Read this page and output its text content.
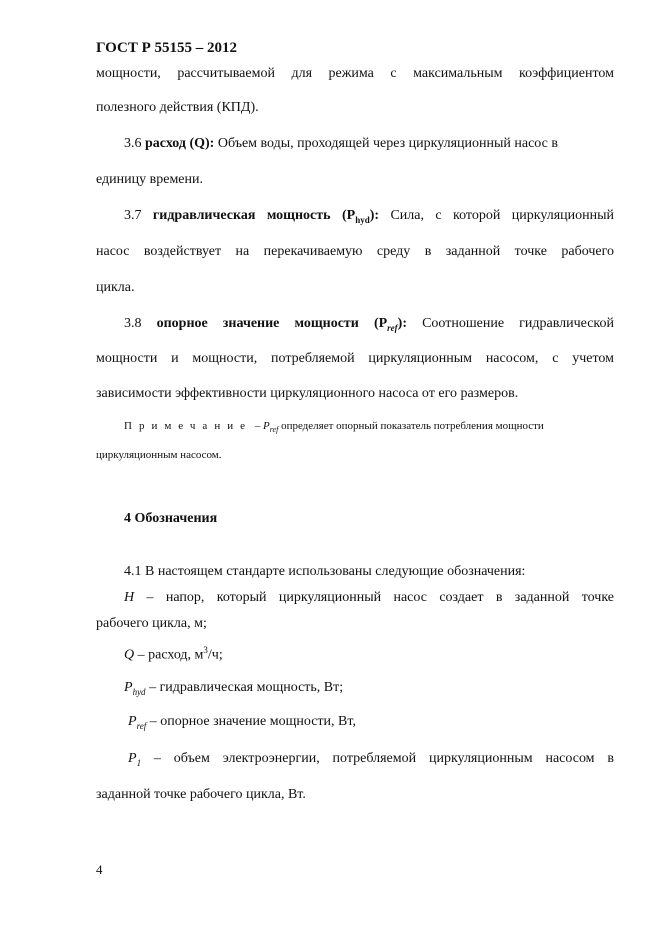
ГОСТ Р 55155 – 2012
мощности, рассчитываемой для режима с максимальным коэффициентом
полезного действия (КПД).
3.6 расход (Q): Объем воды, проходящей через циркуляционный насос в
единицу времени.
3.7 гидравлическая мощность $(P_{hyd})$: Сила, с которой циркуляционный
насос воздействует на перекачиваемую среду в заданной точке рабочего
цикла.
3.8 опорное значение мощности $(P_{ref})$: Соотношение гидравлической
мощности и мощности, потребляемой циркуляционным насосом, с учетом
зависимости эффективности циркуляционного насоса от его размеров.
Примечание – $P_{ref}$ определяет опорный показатель потребления мощности
циркуляционным насосом.
4 Обозначения
4.1 В настоящем стандарте использованы следующие обозначения:
H – напор, который циркуляционный насос создает в заданной точке
рабочего цикла, м;
Q – расход, $м^3/ч$;
$P_{hyd}$ – гидравлическая мощность, Вт;
$P_{ref}$ – опорное значение мощности, Вт,
$P_1$ – объем электроэнергии, потребляемой циркуляционным насосом в
заданной точке рабочего цикла, Вт.
4
